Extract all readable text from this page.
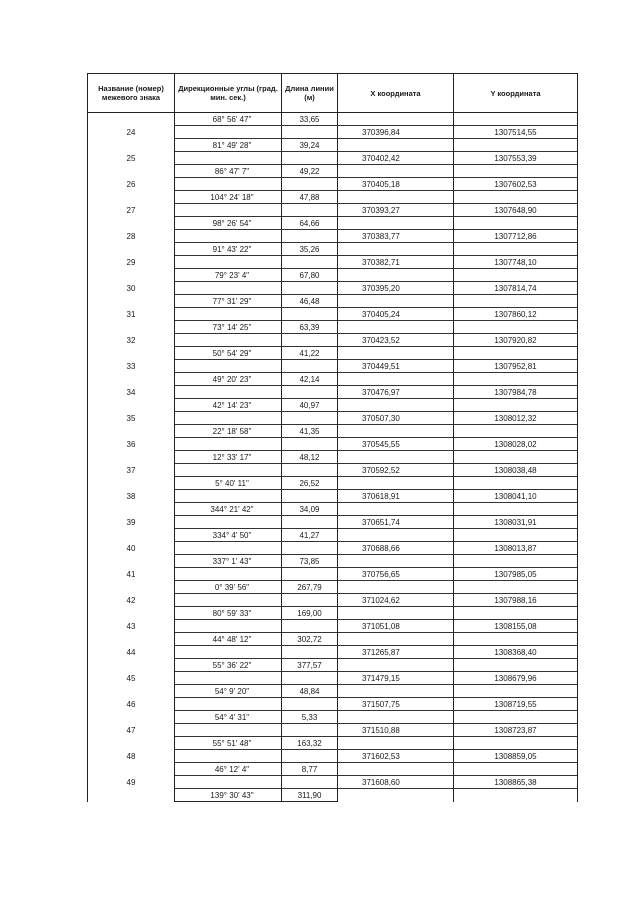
Название (номер) межевого знака	Дирекционные углы (град. мин. сек.)	Длина линии (м)	X координата	Y координата
	68° 56' 47"	33,65		
24			370396,84	1307514,55
	81° 49' 28"	39,24		
25			370402,42	1307553,39
	86° 47' 7"	49,22		
26			370405,18	1307602,53
	104° 24' 18"	47,88		
27			370393,27	1307648,90
	98° 26' 54"	64,66		
28			370383,77	1307712,86
	91° 43' 22"	35,26		
29			370382,71	1307748,10
	79° 23' 4"	67,80		
30			370395,20	1307814,74
	77° 31' 29"	46,48		
31			370405,24	1307860,12
	73° 14' 25"	63,39		
32			370423,52	1307920,82
	50° 54' 29"	41,22		
33			370449,51	1307952,81
	49° 20' 23"	42,14		
34			370476,97	1307984,78
	42° 14' 23"	40,97		
35			370507,30	1308012,32
	22° 18' 58"	41,35		
36			370545,55	1308028,02
	12° 33' 17"	48,12		
37			370592,52	1308038,48
	5° 40' 11"	26,52		
38			370618,91	1308041,10
	344° 21' 42"	34,09		
39			370651,74	1308031,91
	334° 4' 50"	41,27		
40			370688,66	1308013,87
	337° 1' 43"	73,85		
41			370756,65	1307985,05
	0° 39' 56"	267,79		
42			371024,62	1307988,16
	80° 59' 33"	169,00		
43			371051,08	1308155,08
	44° 48' 12"	302,72		
44			371265,87	1308368,40
	55° 36' 22"	377,57		
45			371479,15	1308679,96
	54° 9' 20"	48,84		
46			371507,75	1308719,55
	54° 4' 31"	5,33		
47			371510,88	1308723,87
	55° 51' 48"	163,32		
48			371602,53	1308859,05
	46° 12' 4"	8,77		
49			371608,60	1308865,38
	139° 30' 43"	311,90		
